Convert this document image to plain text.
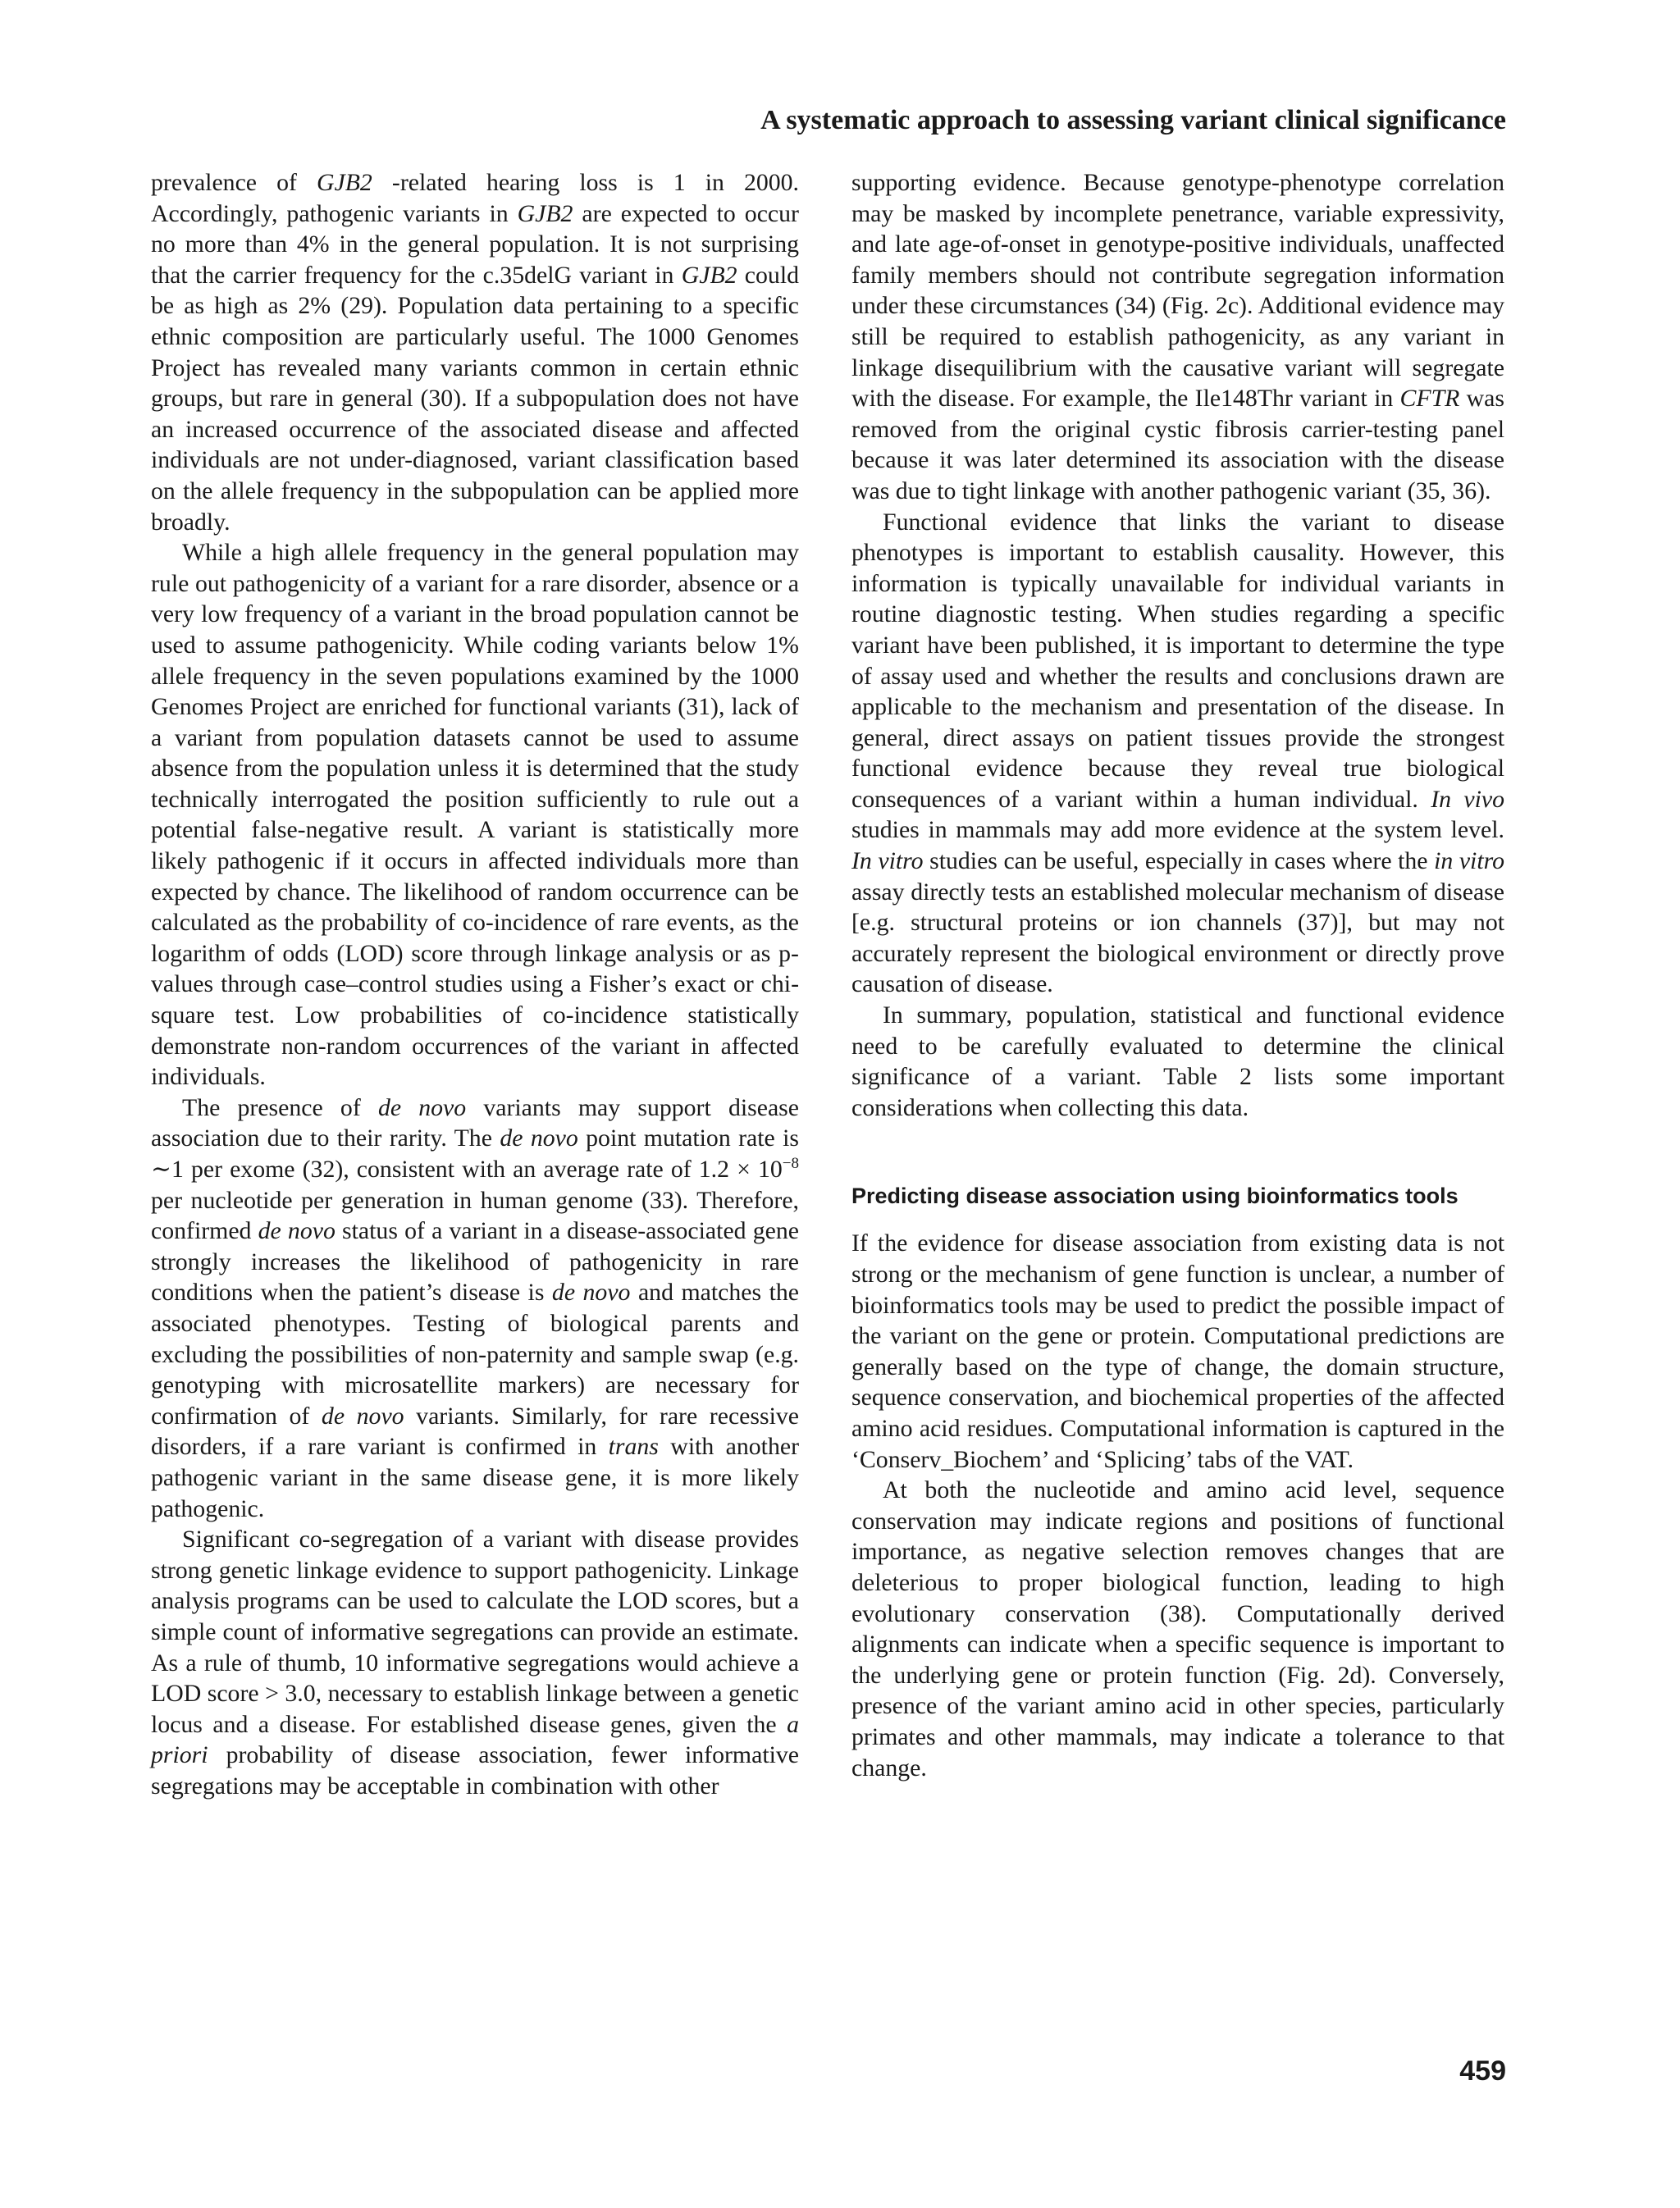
A systematic approach to assessing variant clinical significance

prevalence of GJB2 -related hearing loss is 1 in 2000. Accordingly, pathogenic variants in GJB2 are expected to occur no more than 4% in the general population. It is not surprising that the carrier frequency for the c.35delG variant in GJB2 could be as high as 2% (29). Population data pertaining to a specific ethnic composition are particularly useful. The 1000 Genomes Project has revealed many variants common in certain ethnic groups, but rare in general (30). If a subpopulation does not have an increased occurrence of the associated disease and affected individuals are not under-diagnosed, variant classification based on the allele frequency in the subpopulation can be applied more broadly.

While a high allele frequency in the general population may rule out pathogenicity of a variant for a rare disorder, absence or a very low frequency of a variant in the broad population cannot be used to assume pathogenicity. While coding variants below 1% allele frequency in the seven populations examined by the 1000 Genomes Project are enriched for functional variants (31), lack of a variant from population datasets cannot be used to assume absence from the population unless it is determined that the study technically interrogated the position sufficiently to rule out a potential false-negative result. A variant is statistically more likely pathogenic if it occurs in affected individuals more than expected by chance. The likelihood of random occurrence can be calculated as the probability of co-incidence of rare events, as the logarithm of odds (LOD) score through linkage analysis or as p-values through case–control studies using a Fisher’s exact or chi-square test. Low probabilities of co-incidence statistically demonstrate non-random occurrences of the variant in affected individuals.

The presence of de novo variants may support disease association due to their rarity. The de novo point mutation rate is ∼1 per exome (32), consistent with an average rate of $1.2 \times 10^{-8}$ per nucleotide per generation in human genome (33). Therefore, confirmed de novo status of a variant in a disease-associated gene strongly increases the likelihood of pathogenicity in rare conditions when the patient’s disease is de novo and matches the associated phenotypes. Testing of biological parents and excluding the possibilities of non-paternity and sample swap (e.g. genotyping with microsatellite markers) are necessary for confirmation of de novo variants. Similarly, for rare recessive disorders, if a rare variant is confirmed in trans with another pathogenic variant in the same disease gene, it is more likely pathogenic.

Significant co-segregation of a variant with disease provides strong genetic linkage evidence to support pathogenicity. Linkage analysis programs can be used to calculate the LOD scores, but a simple count of informative segregations can provide an estimate. As a rule of thumb, 10 informative segregations would achieve a LOD score > 3.0, necessary to establish linkage between a genetic locus and a disease. For established disease genes, given the a priori probability of disease association, fewer informative segregations may be acceptable in combination with other

supporting evidence. Because genotype-phenotype correlation may be masked by incomplete penetrance, variable expressivity, and late age-of-onset in genotype-positive individuals, unaffected family members should not contribute segregation information under these circumstances (34) (Fig. 2c). Additional evidence may still be required to establish pathogenicity, as any variant in linkage disequilibrium with the causative variant will segregate with the disease. For example, the Ile148Thr variant in CFTR was removed from the original cystic fibrosis carrier-testing panel because it was later determined its association with the disease was due to tight linkage with another pathogenic variant (35, 36).

Functional evidence that links the variant to disease phenotypes is important to establish causality. However, this information is typically unavailable for individual variants in routine diagnostic testing. When studies regarding a specific variant have been published, it is important to determine the type of assay used and whether the results and conclusions drawn are applicable to the mechanism and presentation of the disease. In general, direct assays on patient tissues provide the strongest functional evidence because they reveal true biological consequences of a variant within a human individual. In vivo studies in mammals may add more evidence at the system level. In vitro studies can be useful, especially in cases where the in vitro assay directly tests an established molecular mechanism of disease [e.g. structural proteins or ion channels (37)], but may not accurately represent the biological environment or directly prove causation of disease.

In summary, population, statistical and functional evidence need to be carefully evaluated to determine the clinical significance of a variant. Table 2 lists some important considerations when collecting this data.

Predicting disease association using bioinformatics tools

If the evidence for disease association from existing data is not strong or the mechanism of gene function is unclear, a number of bioinformatics tools may be used to predict the possible impact of the variant on the gene or protein. Computational predictions are generally based on the type of change, the domain structure, sequence conservation, and biochemical properties of the affected amino acid residues. Computational information is captured in the ‘Conserv_Biochem’ and ‘Splicing’ tabs of the VAT.

At both the nucleotide and amino acid level, sequence conservation may indicate regions and positions of functional importance, as negative selection removes changes that are deleterious to proper biological function, leading to high evolutionary conservation (38). Computationally derived alignments can indicate when a specific sequence is important to the underlying gene or protein function (Fig. 2d). Conversely, presence of the variant amino acid in other species, particularly primates and other mammals, may indicate a tolerance to that change.

459
